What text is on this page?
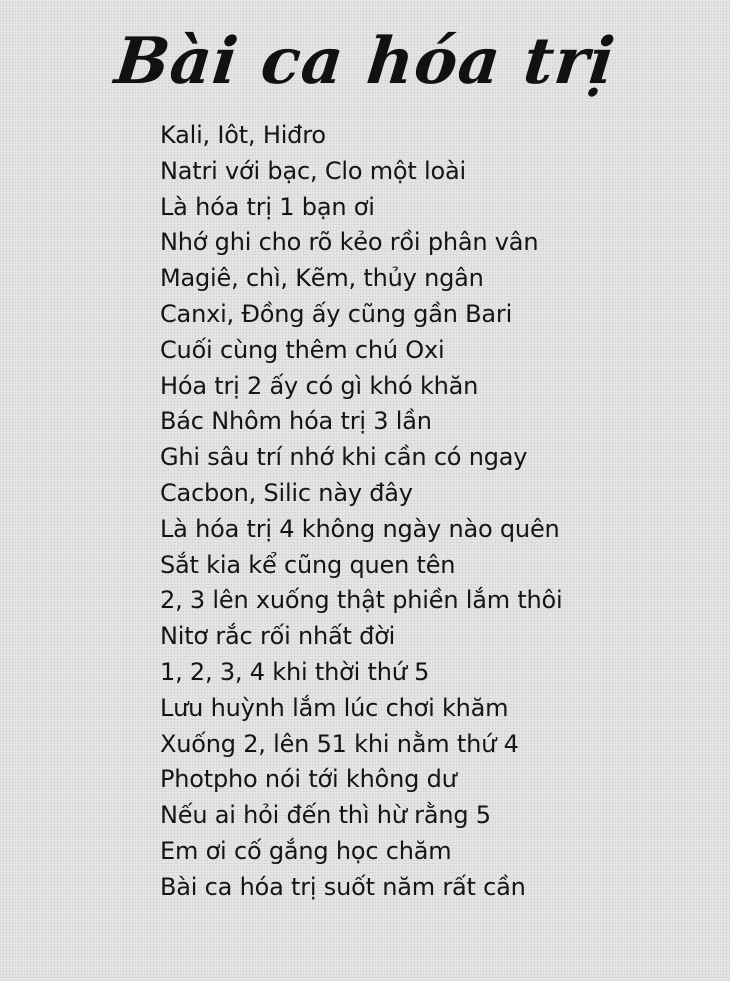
Bài ca hóa trị
Kali, Iôt, Hiđro
Natri với bạc, Clo một loài
Là hóa trị 1 bạn ơi
Nhớ ghi cho rõ kẻo rồi phân vân
Magiê, chì, Kẽm, thủy ngân
Canxi, Đồng ấy cũng gần Bari
Cuối cùng thêm chú Oxi
Hóa trị 2 ấy có gì khó khăn
Bác Nhôm hóa trị 3 lần
Ghi sâu trí nhớ khi cần có ngay
Cacbon, Silic này đây
Là hóa trị 4 không ngày nào quên
Sắt kia kể cũng quen tên
2, 3 lên xuống thật phiền lắm thôi
Nitơ rắc rối nhất đời
1, 2, 3, 4 khi thời thứ 5
Lưu huỳnh lắm lúc chơi khăm
Xuống 2, lên 51 khi nằm thứ 4
Photpho nói tới không dư
Nếu ai hỏi đến thì hừ rằng 5
Em ơi cố gắng học chăm
Bài ca hóa trị suốt năm rất cần
